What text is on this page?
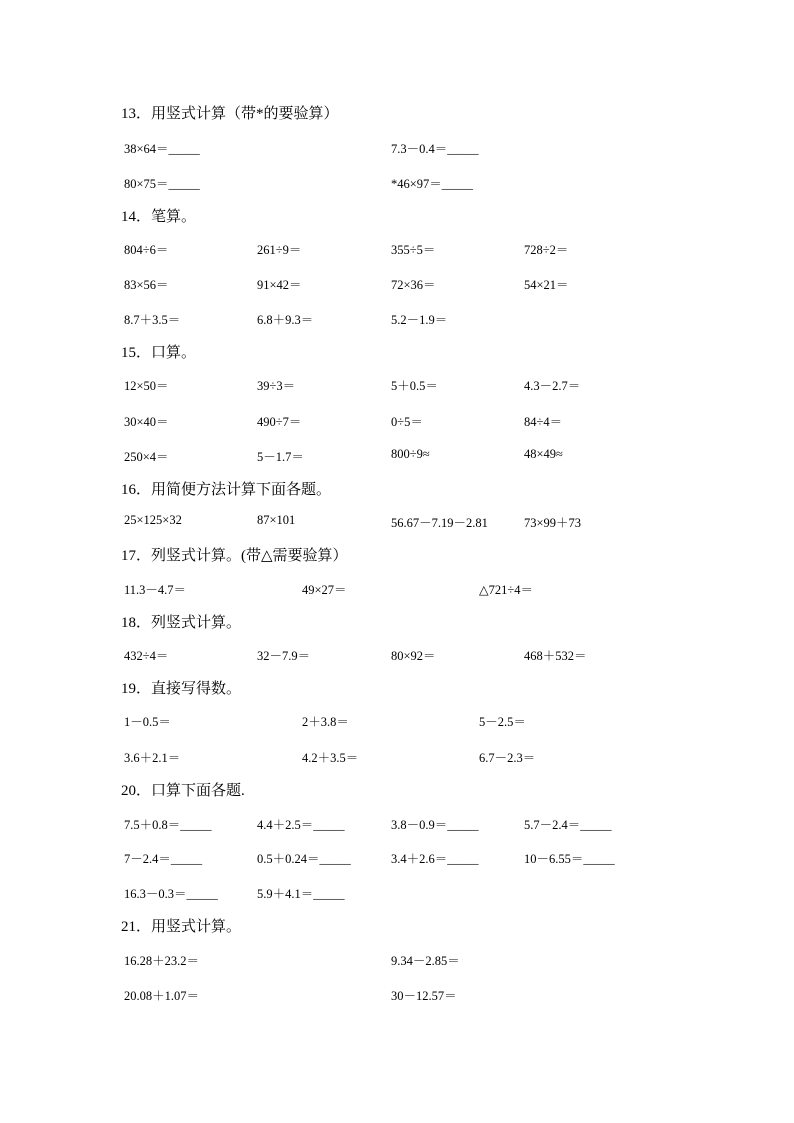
13．用竖式计算（带*的要验算）
38×64＝_____	7.3－0.4＝_____
80×75＝_____	*46×97＝_____
14．笔算。
804÷6＝	261÷9＝	355÷5＝	728÷2＝
83×56＝	91×42＝	72×36＝	54×21＝
8.7＋3.5＝	6.8＋9.3＝	5.2－1.9＝
15．口算。
12×50＝	39÷3＝	5＋0.5＝	4.3－2.7＝
30×40＝	490÷7＝	0÷5＝	84÷4＝
250×4＝	5－1.7＝	800÷9≈	48×49≈
16．用简便方法计算下面各题。
25×125×32	87×101	56.67－7.19－2.81	73×99＋73
17．列竖式计算。(带△需要验算）
11.3－4.7＝	49×27＝	△721÷4＝
18．列竖式计算。
432÷4＝	32－7.9＝	80×92＝	468＋532＝
19．直接写得数。
1－0.5＝	2＋3.8＝	5－2.5＝
3.6＋2.1＝	4.2＋3.5＝	6.7－2.3＝
20．口算下面各题.
7.5＋0.8＝_____	4.4＋2.5＝_____	3.8－0.9＝_____	5.7－2.4＝_____
7－2.4＝_____	0.5＋0.24＝_____	3.4＋2.6＝_____	10－6.55＝_____
16.3－0.3＝_____	5.9＋4.1＝_____
21．用竖式计算。
16.28＋23.2＝	9.34－2.85＝
20.08＋1.07＝	30－12.57＝
